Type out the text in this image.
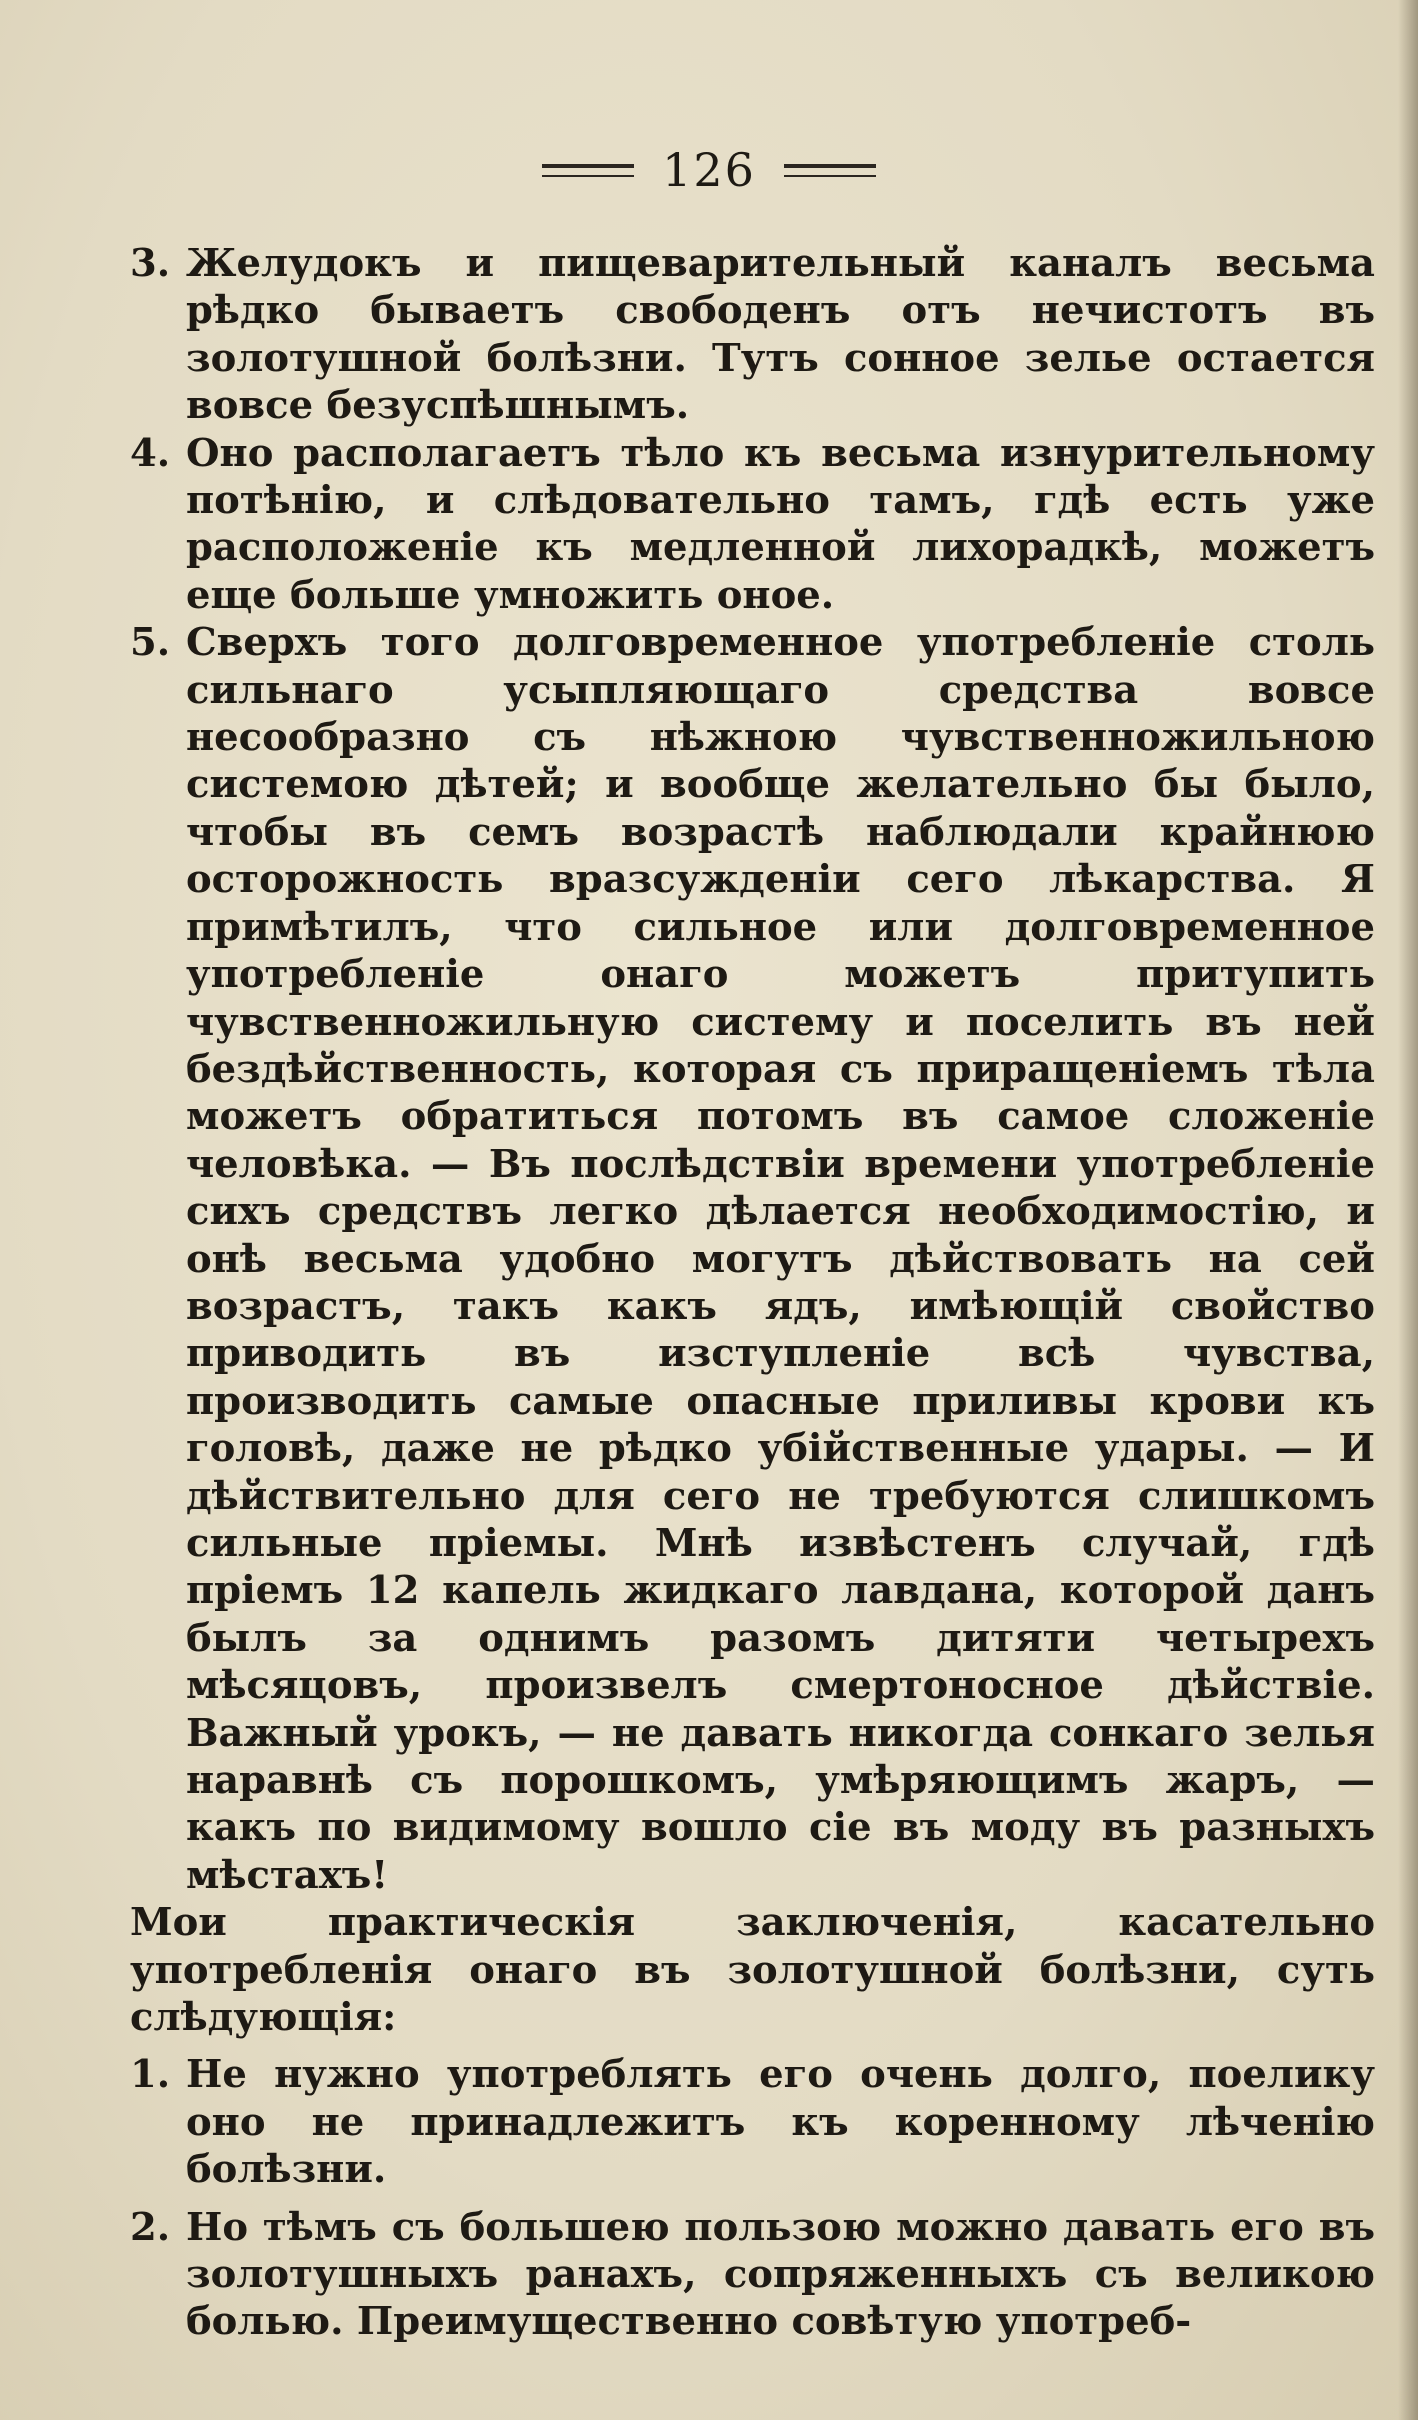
126
3. Желудокъ и пищеварительный каналъ весьма рѣдко бываетъ свободенъ отъ нечистотъ въ золотушной болѣзни. Тутъ сонное зелье остается вовсе безуспѣшнымъ.
4. Оно располагаетъ тѣло къ весьма изнурительному потѣнію, и слѣдовательно тамъ, гдѣ есть уже расположеніе къ медленной лихорадкѣ, можетъ еще больше умножить оное.
5. Сверхъ того долговременное употребленіе столь сильнаго усыпляющаго средства вовсе несообразно съ нѣжною чувственножильною системою дѣтей; и вообще желательно бы было, чтобы въ семъ возрастѣ наблюдали крайнюю осторожность вразсужденіи сего лѣкарства. Я примѣтилъ, что сильное или долговременное употребленіе онаго можетъ притупить чувственножильную систему и поселить въ ней бездѣйственность, которая съ приращеніемъ тѣла можетъ обратиться потомъ въ самое сложеніе человѣка. — Въ послѣдствіи времени употребленіе сихъ средствъ легко дѣлается необходимостію, и онѣ весьма удобно могутъ дѣйствовать на сей возрастъ, такъ какъ ядъ, имѣющій свойство приводить въ изступленіе всѣ чувства, производить самые опасные приливы крови къ головѣ, даже не рѣдко убійственные удары. — И дѣйствительно для сего не требуются слишкомъ сильные пріемы. Мнѣ извѣстенъ случай, гдѣ пріемъ 12 капель жидкаго лавдана, которой данъ былъ за однимъ разомъ дитяти четырехъ мѣсяцовъ, произвелъ смертоносное дѣйствіе. Важный урокъ, — не давать никогда сонкаго зелья наравнѣ съ порошкомъ, умѣряющимъ жаръ, — какъ по видимому вошло сіе въ моду въ разныхъ мѣстахъ!
Мои практическія заключенія, касательно употребленія онаго въ золотушной болѣзни, суть слѣдующія:
1. Не нужно употреблять его очень долго, поелику оно не принадлежитъ къ коренному лѣченію болѣзни.
2. Но тѣмъ съ большею пользою можно давать его въ золотушныхъ ранахъ, сопряженныхъ съ великою болью. Преимущественно совѣтую употреб-
